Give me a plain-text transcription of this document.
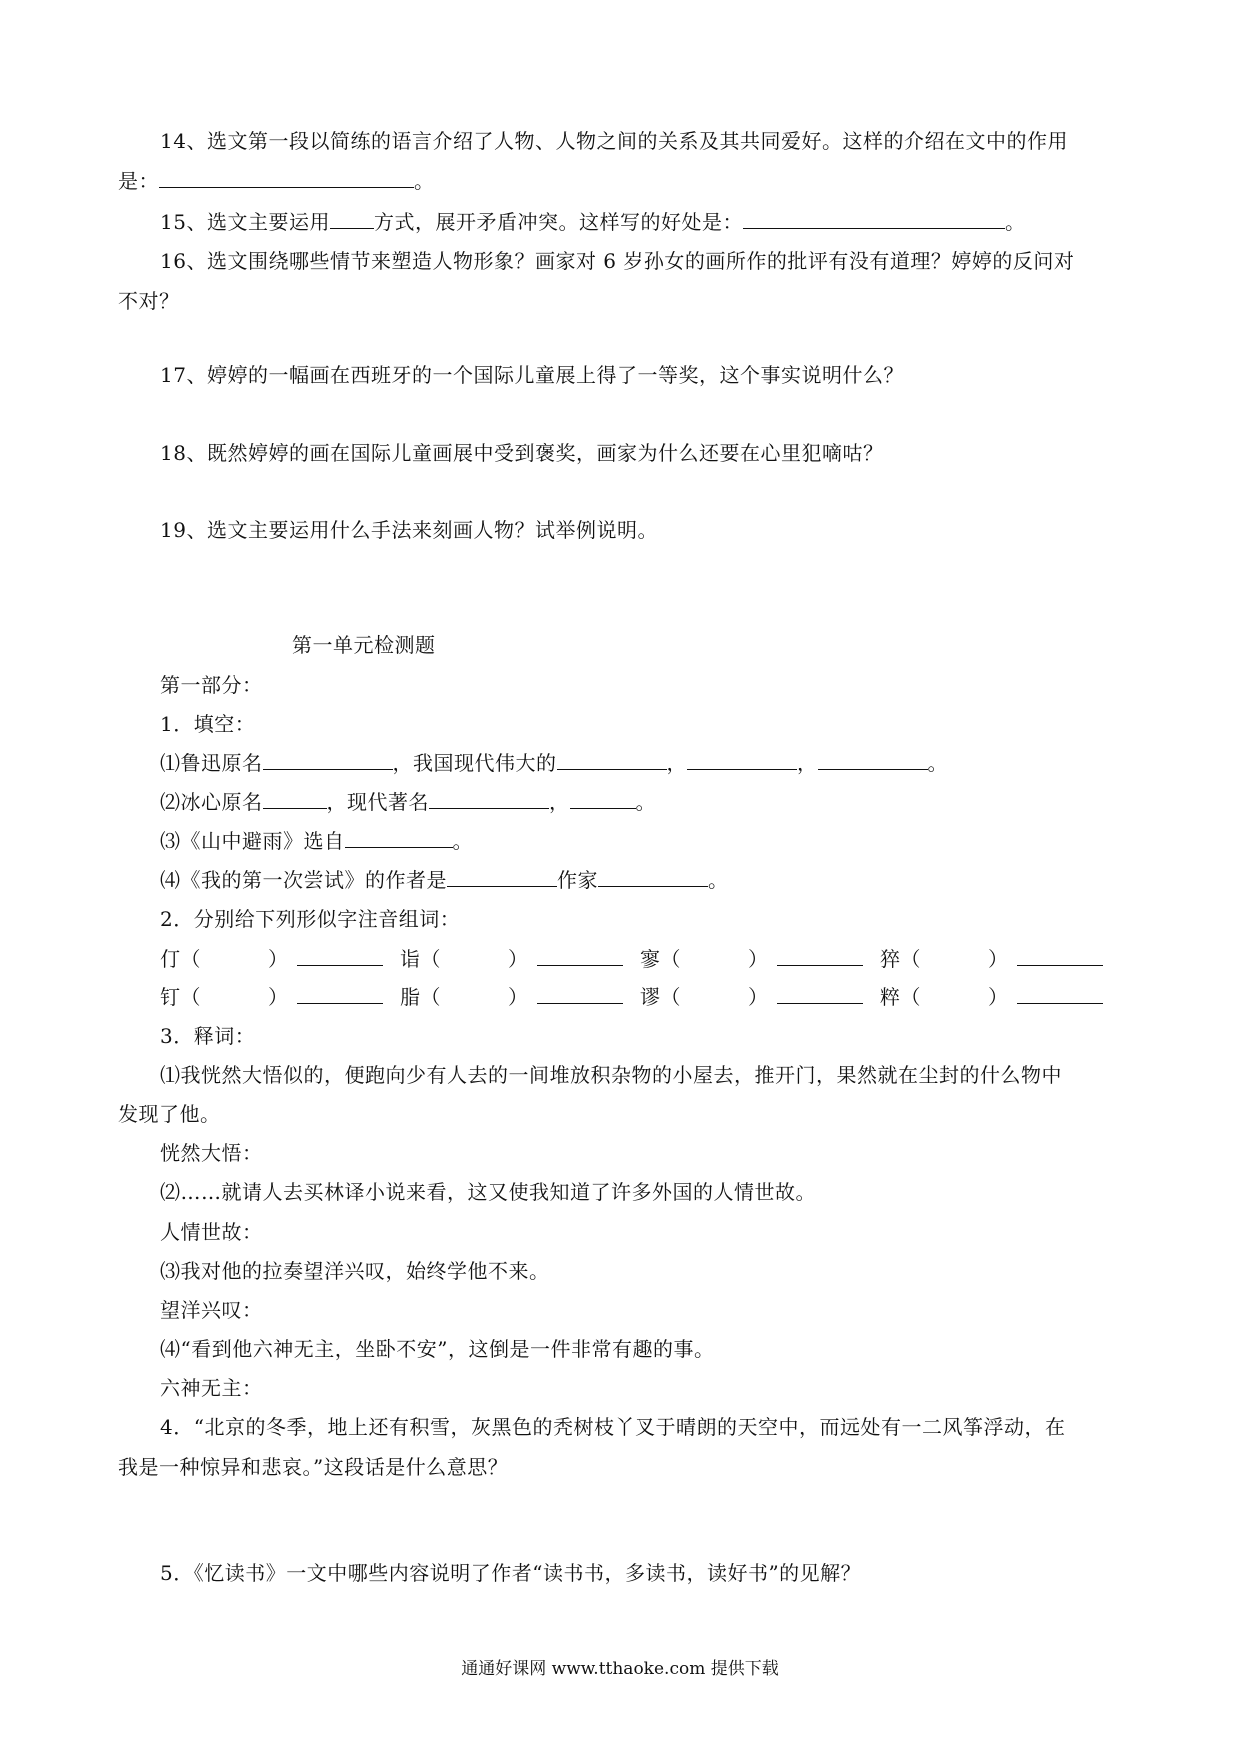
14、选文第一段以简练的语言介绍了人物、人物之间的关系及其共同爱好。这样的介绍在文中的作用
是：	。
15、选文主要运用 方式，展开矛盾冲突。这样写的好处是：	。
16、选文围绕哪些情节来塑造人物形象？画家对 6 岁孙女的画所作的批评有没有道理？婷婷的反问对
不对？
17、婷婷的一幅画在西班牙的一个国际儿童展上得了一等奖，这个事实说明什么？
18、既然婷婷的画在国际儿童画展中受到褒奖，画家为什么还要在心里犯嘀咕？
19、选文主要运用什么手法来刻画人物？试举例说明。
第一单元检测题
第一部分：
1．填空：
⑴鲁迅原名	，我国现代伟大的	，	，	。
⑵冰心原名	，现代著名	，	。
⑶《山中避雨》选自	。
⑷《我的第一次尝试》的作者是	作家	。
2．分别给下列形似字注音组词：
仃（	）	诣（	）	寥（	）	猝（	）
钉（	）	脂（	）	谬（	）	粹（	）
3．释词：
⑴我恍然大悟似的，便跑向少有人去的一间堆放积杂物的小屋去，推开门，果然就在尘封的什么物中
发现了他。
恍然大悟：
⑵……就请人去买林译小说来看，这又使我知道了许多外国的人情世故。
人情世故：
⑶我对他的拉奏望洋兴叹，始终学他不来。
望洋兴叹：
⑷“看到他六神无主，坐卧不安”，这倒是一件非常有趣的事。
六神无主：
4．“北京的冬季，地上还有积雪，灰黑色的秃树枝丫叉于晴朗的天空中，而远处有一二风筝浮动，在
我是一种惊异和悲哀。”这段话是什么意思？
5．《忆读书》一文中哪些内容说明了作者“读书书，多读书，读好书”的见解？
通通好课网 www.tthaoke.com 提供下载
